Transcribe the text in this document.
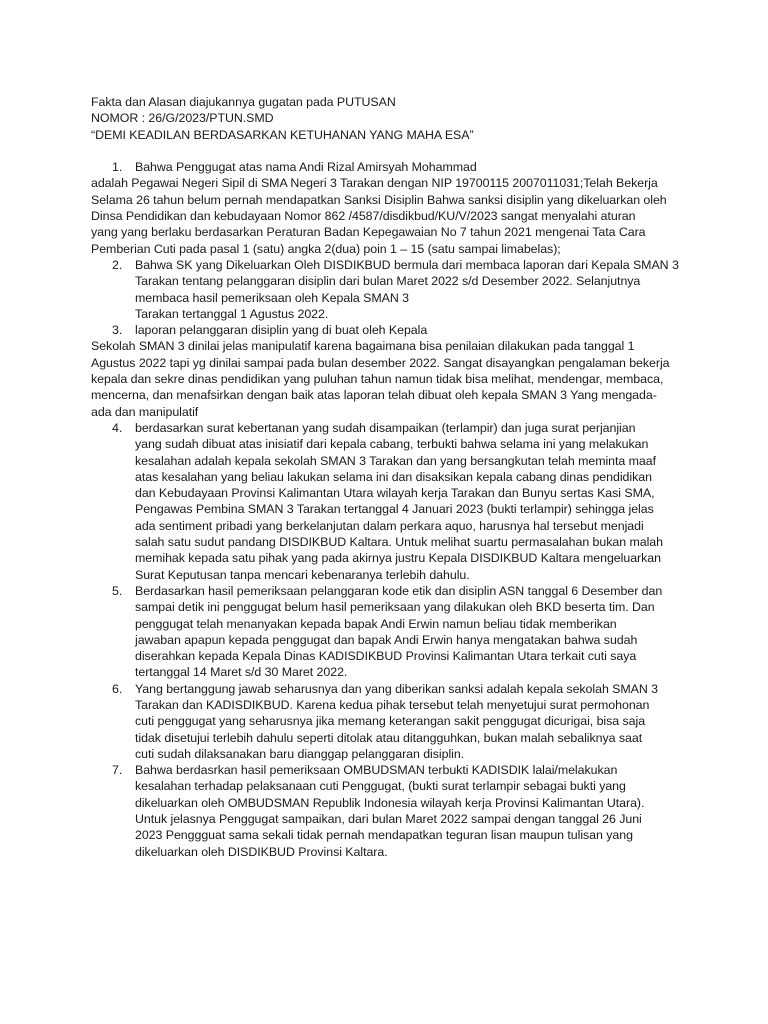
Fakta dan Alasan diajukannya gugatan pada PUTUSAN
NOMOR : 26/G/2023/PTUN.SMD
“DEMI KEADILAN BERDASARKAN KETUHANAN YANG MAHA ESA”
1. Bahwa Penggugat atas nama Andi Rizal Amirsyah Mohammad
adalah Pegawai Negeri Sipil di SMA Negeri 3 Tarakan dengan NIP 19700115 2007011031;Telah Bekerja
Selama 26 tahun belum pernah mendapatkan Sanksi Disiplin Bahwa sanksi disiplin yang dikeluarkan oleh
Dinsa Pendidikan dan kebudayaan Nomor 862 /4587/disdikbud/KU/V/2023 sangat menyalahi aturan
yang yang berlaku berdasarkan Peraturan Badan Kepegawaian No 7 tahun 2021 mengenai Tata Cara
Pemberian Cuti pada pasal 1 (satu) angka 2(dua) poin 1 – 15 (satu sampai limabelas);
2. Bahwa SK yang Dikeluarkan Oleh DISDIKBUD bermula dari membaca laporan dari Kepala SMAN 3
Tarakan tentang pelanggaran disiplin dari bulan Maret 2022 s/d Desember 2022. Selanjutnya
membaca hasil pemeriksaan oleh Kepala SMAN 3
Tarakan tertanggal 1 Agustus 2022.
3. laporan pelanggaran disiplin yang di buat oleh Kepala
Sekolah SMAN 3 dinilai jelas manipulatif karena bagaimana bisa penilaian dilakukan pada tanggal 1
Agustus 2022 tapi yg dinilai sampai pada bulan desember 2022. Sangat disayangkan pengalaman bekerja
kepala dan sekre dinas pendidikan yang puluhan tahun namun tidak bisa melihat, mendengar, membaca,
mencerna, dan menafsirkan dengan baik atas laporan telah dibuat oleh kepala SMAN 3 Yang mengada-
ada dan manipulatif
4. berdasarkan surat kebertanan yang sudah disampaikan (terlampir) dan juga surat perjanjian
yang sudah dibuat atas inisiatif dari kepala cabang, terbukti bahwa selama ini yang melakukan
kesalahan adalah kepala sekolah SMAN 3 Tarakan dan yang bersangkutan telah meminta maaf
atas kesalahan yang beliau lakukan selama ini dan disaksikan kepala cabang dinas pendidikan
dan Kebudayaan Provinsi Kalimantan Utara wilayah kerja Tarakan dan Bunyu sertas Kasi SMA,
Pengawas Pembina SMAN 3 Tarakan tertanggal 4 Januari 2023 (bukti terlampir) sehingga jelas
ada sentiment pribadi yang berkelanjutan dalam perkara aquo, harusnya hal tersebut menjadi
salah satu sudut pandang DISDIKBUD Kaltara. Untuk melihat suartu permasalahan bukan malah
memihak kepada satu pihak yang pada akirnya justru Kepala DISDIKBUD Kaltara mengeluarkan
Surat Keputusan tanpa mencari kebenaranya terlebih dahulu.
5. Berdasarkan hasil pemeriksaan pelanggaran kode etik dan disiplin ASN tanggal 6 Desember dan
sampai detik ini penggugat belum hasil pemeriksaan yang dilakukan oleh BKD beserta tim. Dan
penggugat telah menanyakan kepada bapak Andi Erwin namun beliau tidak memberikan
jawaban apapun kepada penggugat dan bapak Andi Erwin hanya mengatakan bahwa sudah
diserahkan kepada Kepala Dinas KADISDIKBUD Provinsi Kalimantan Utara terkait cuti saya
tertanggal 14 Maret s/d 30 Maret 2022.
6. Yang bertanggung jawab seharusnya dan yang diberikan sanksi adalah kepala sekolah SMAN 3
Tarakan dan KADISDIKBUD. Karena kedua pihak tersebut telah menyetujui surat permohonan
cuti penggugat yang seharusnya jika memang keterangan sakit penggugat dicurigai, bisa saja
tidak disetujui terlebih dahulu seperti ditolak atau ditangguhkan, bukan malah sebaliknya saat
cuti sudah dilaksanakan baru dianggap pelanggaran disiplin.
7. Bahwa berdasrkan hasil pemeriksaan OMBUDSMAN terbukti KADISDIK lalai/melakukan
kesalahan terhadap pelaksanaan cuti Penggugat, (bukti surat terlampir sebagai bukti yang
dikeluarkan oleh OMBUDSMAN Republik Indonesia wilayah kerja Provinsi Kalimantan Utara).
Untuk jelasnya Penggugat sampaikan, dari bulan Maret 2022 sampai dengan tanggal 26 Juni
2023 Penggguat sama sekali tidak pernah mendapatkan teguran lisan maupun tulisan yang
dikeluarkan oleh DISDIKBUD Provinsi Kaltara.
